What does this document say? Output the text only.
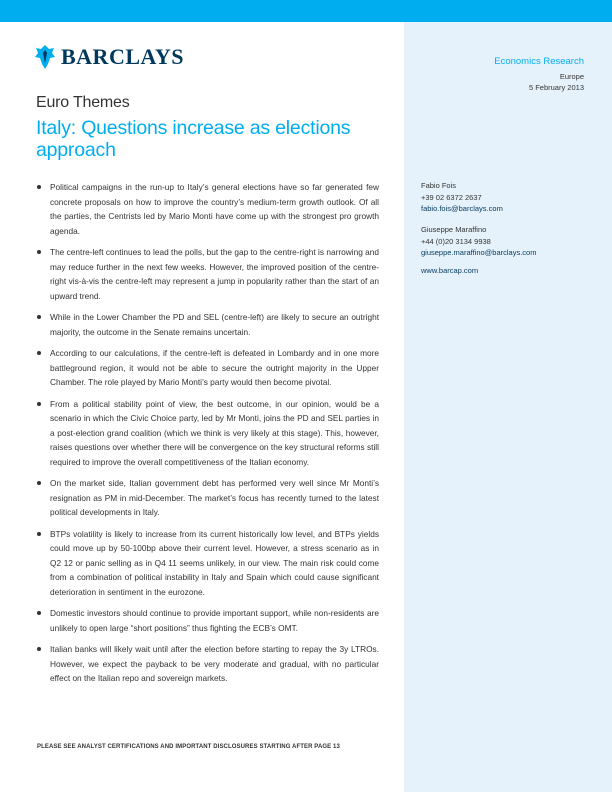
BARCLAYS
Euro Themes
Italy: Questions increase as elections approach
Political campaigns in the run-up to Italy’s general elections have so far generated few concrete proposals on how to improve the country’s medium-term growth outlook. Of all the parties, the Centrists led by Mario Monti have come up with the strongest pro growth agenda.
The centre-left continues to lead the polls, but the gap to the centre-right is narrowing and may reduce further in the next few weeks. However, the improved position of the centre-right vis-à-vis the centre-left may represent a jump in popularity rather than the start of an upward trend.
While in the Lower Chamber the PD and SEL (centre-left) are likely to secure an outright majority, the outcome in the Senate remains uncertain.
According to our calculations, if the centre-left is defeated in Lombardy and in one more battleground region, it would not be able to secure the outright majority in the Upper Chamber. The role played by Mario Monti’s party would then become pivotal.
From a political stability point of view, the best outcome, in our opinion, would be a scenario in which the Civic Choice party, led by Mr Monti, joins the PD and SEL parties in a post-election grand coalition (which we think is very likely at this stage). This, however, raises questions over whether there will be convergence on the key structural reforms still required to improve the overall competitiveness of the Italian economy.
On the market side, Italian government debt has performed very well since Mr Monti’s resignation as PM in mid-December. The market’s focus has recently turned to the latest political developments in Italy.
BTPs volatility is likely to increase from its current historically low level, and BTPs yields could move up by 50-100bp above their current level. However, a stress scenario as in Q2 12 or panic selling as in Q4 11 seems unlikely, in our view. The main risk could come from a combination of political instability in Italy and Spain which could cause significant deterioration in sentiment in the eurozone.
Domestic investors should continue to provide important support, while non-residents are unlikely to open large “short positions” thus fighting the ECB’s OMT.
Italian banks will likely wait until after the election before starting to repay the 3y LTROs. However, we expect the payback to be very moderate and gradual, with no particular effect on the Italian repo and sovereign markets.
Economics Research
Europe
5 February 2013
Fabio Fois
+39 02 6372 2637
fabio.fois@barclays.com
Giuseppe Maraffino
+44 (0)20 3134 9938
giuseppe.maraffino@barclays.com
www.barcap.com
PLEASE SEE ANALYST CERTIFICATIONS AND IMPORTANT DISCLOSURES STARTING AFTER PAGE 13
